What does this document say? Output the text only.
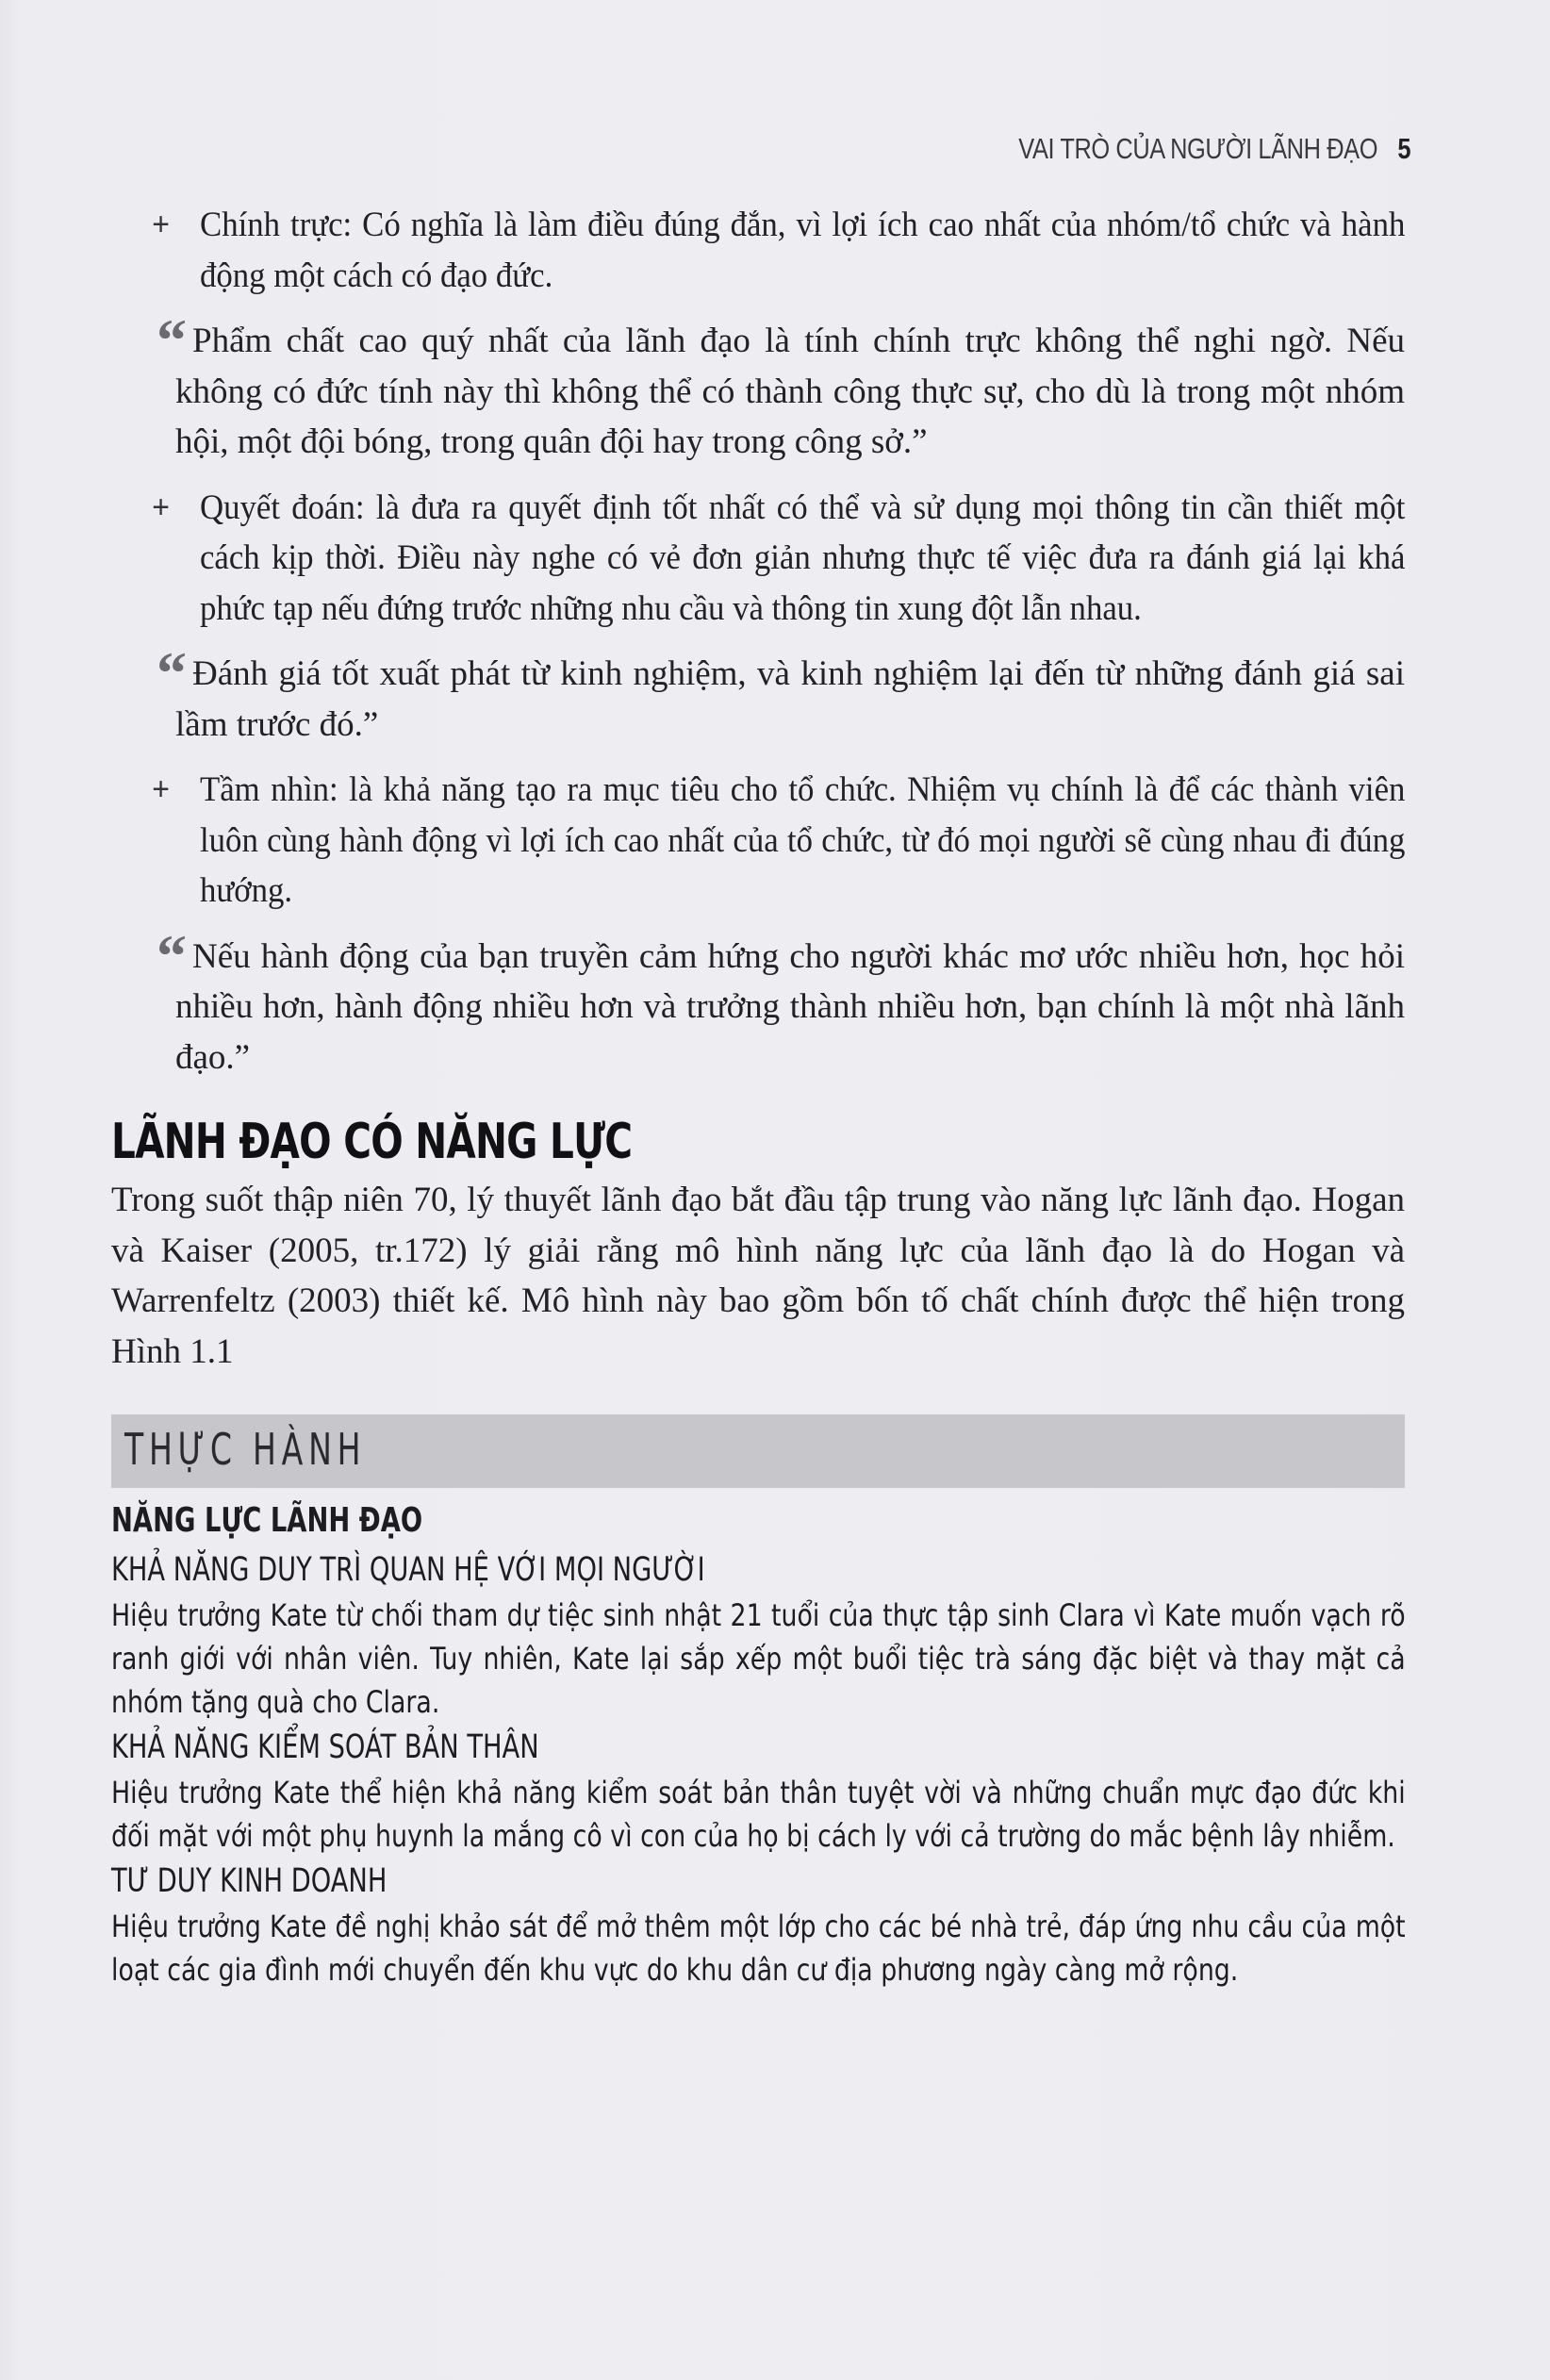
VAI TRÒ CỦA NGƯỜI LÃNH ĐẠO 5

+ Chính trực: Có nghĩa là làm điều đúng đắn, vì lợi ích cao nhất của nhóm/tổ chức và hành động một cách có đạo đức.

“ Phẩm chất cao quý nhất của lãnh đạo là tính chính trực không thể nghi ngờ. Nếu không có đức tính này thì không thể có thành công thực sự, cho dù là trong một nhóm hội, một đội bóng, trong quân đội hay trong công sở.”

+ Quyết đoán: là đưa ra quyết định tốt nhất có thể và sử dụng mọi thông tin cần thiết một cách kịp thời. Điều này nghe có vẻ đơn giản nhưng thực tế việc đưa ra đánh giá lại khá phức tạp nếu đứng trước những nhu cầu và thông tin xung đột lẫn nhau.

“ Đánh giá tốt xuất phát từ kinh nghiệm, và kinh nghiệm lại đến từ những đánh giá sai lầm trước đó.”

+ Tầm nhìn: là khả năng tạo ra mục tiêu cho tổ chức. Nhiệm vụ chính là để các thành viên luôn cùng hành động vì lợi ích cao nhất của tổ chức, từ đó mọi người sẽ cùng nhau đi đúng hướng.

“ Nếu hành động của bạn truyền cảm hứng cho người khác mơ ước nhiều hơn, học hỏi nhiều hơn, hành động nhiều hơn và trưởng thành nhiều hơn, bạn chính là một nhà lãnh đạo.”

LÃNH ĐẠO CÓ NĂNG LỰC

Trong suốt thập niên 70, lý thuyết lãnh đạo bắt đầu tập trung vào năng lực lãnh đạo. Hogan và Kaiser (2005, tr.172) lý giải rằng mô hình năng lực của lãnh đạo là do Hogan và Warrenfeltz (2003) thiết kế. Mô hình này bao gồm bốn tố chất chính được thể hiện trong Hình 1.1

THỰC HÀNH

NĂNG LỰC LÃNH ĐẠO

KHẢ NĂNG DUY TRÌ QUAN HỆ VỚI MỌI NGƯỜI

Hiệu trưởng Kate từ chối tham dự tiệc sinh nhật 21 tuổi của thực tập sinh Clara vì Kate muốn vạch rõ ranh giới với nhân viên. Tuy nhiên, Kate lại sắp xếp một buổi tiệc trà sáng đặc biệt và thay mặt cả nhóm tặng quà cho Clara.

KHẢ NĂNG KIỂM SOÁT BẢN THÂN

Hiệu trưởng Kate thể hiện khả năng kiểm soát bản thân tuyệt vời và những chuẩn mực đạo đức khi đối mặt với một phụ huynh la mắng cô vì con của họ bị cách ly với cả trường do mắc bệnh lây nhiễm.

TƯ DUY KINH DOANH

Hiệu trưởng Kate đề nghị khảo sát để mở thêm một lớp cho các bé nhà trẻ, đáp ứng nhu cầu của một loạt các gia đình mới chuyển đến khu vực do khu dân cư địa phương ngày càng mở rộng.
